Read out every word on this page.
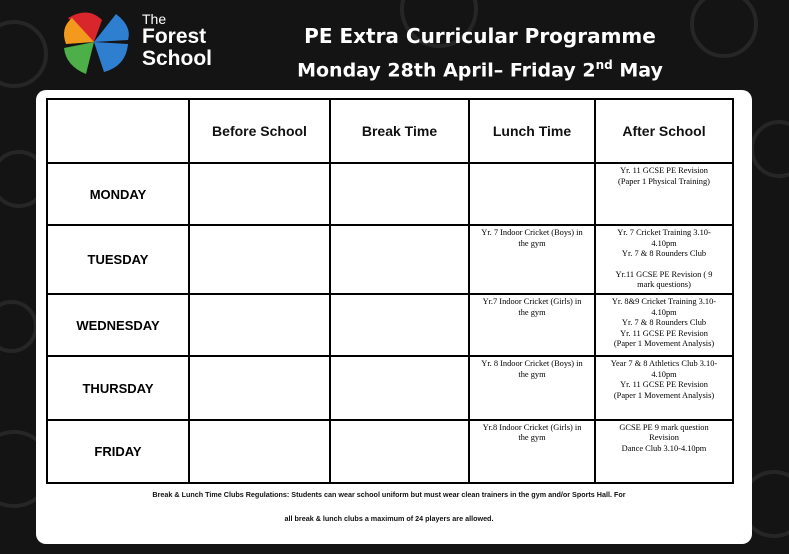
The
Forest
School
PE Extra Curricular Programme
Monday 28th April– Friday 2nd May
	Before School	Break Time	Lunch Time	After School
MONDAY				Yr. 11 GCSE PE Revision
(Paper 1 Physical Training)

TUESDAY			Yr. 7 Indoor Cricket (Boys) in
the gym	Yr. 7 Cricket Training 3.10-
4.10pm
Yr. 7 & 8 Rounders Club
Yr.11 GCSE PE Revision ( 9
mark questions)

WEDNESDAY			Yr.7 Indoor Cricket (Girls) in
the gym	Yr. 8&9 Cricket Training 3.10-
4.10pm
Yr. 7 & 8 Rounders Club
Yr. 11 GCSE PE Revision
(Paper 1 Movement Analysis)

THURSDAY			Yr. 8 Indoor Cricket (Boys) in
the gym	Year 7 & 8 Athletics Club 3.10-
4.10pm
Yr. 11 GCSE PE Revision
(Paper 1 Movement Analysis)

FRIDAY			Yr.8 Indoor Cricket (Girls) in
the gym	GCSE PE 9 mark question
Revision
Dance Club 3.10-4.10pm
Break & Lunch Time Clubs Regulations: Students can wear school uniform but must wear clean trainers in the gym and/or Sports Hall. For
all break & lunch clubs a maximum of 24 players are allowed.
